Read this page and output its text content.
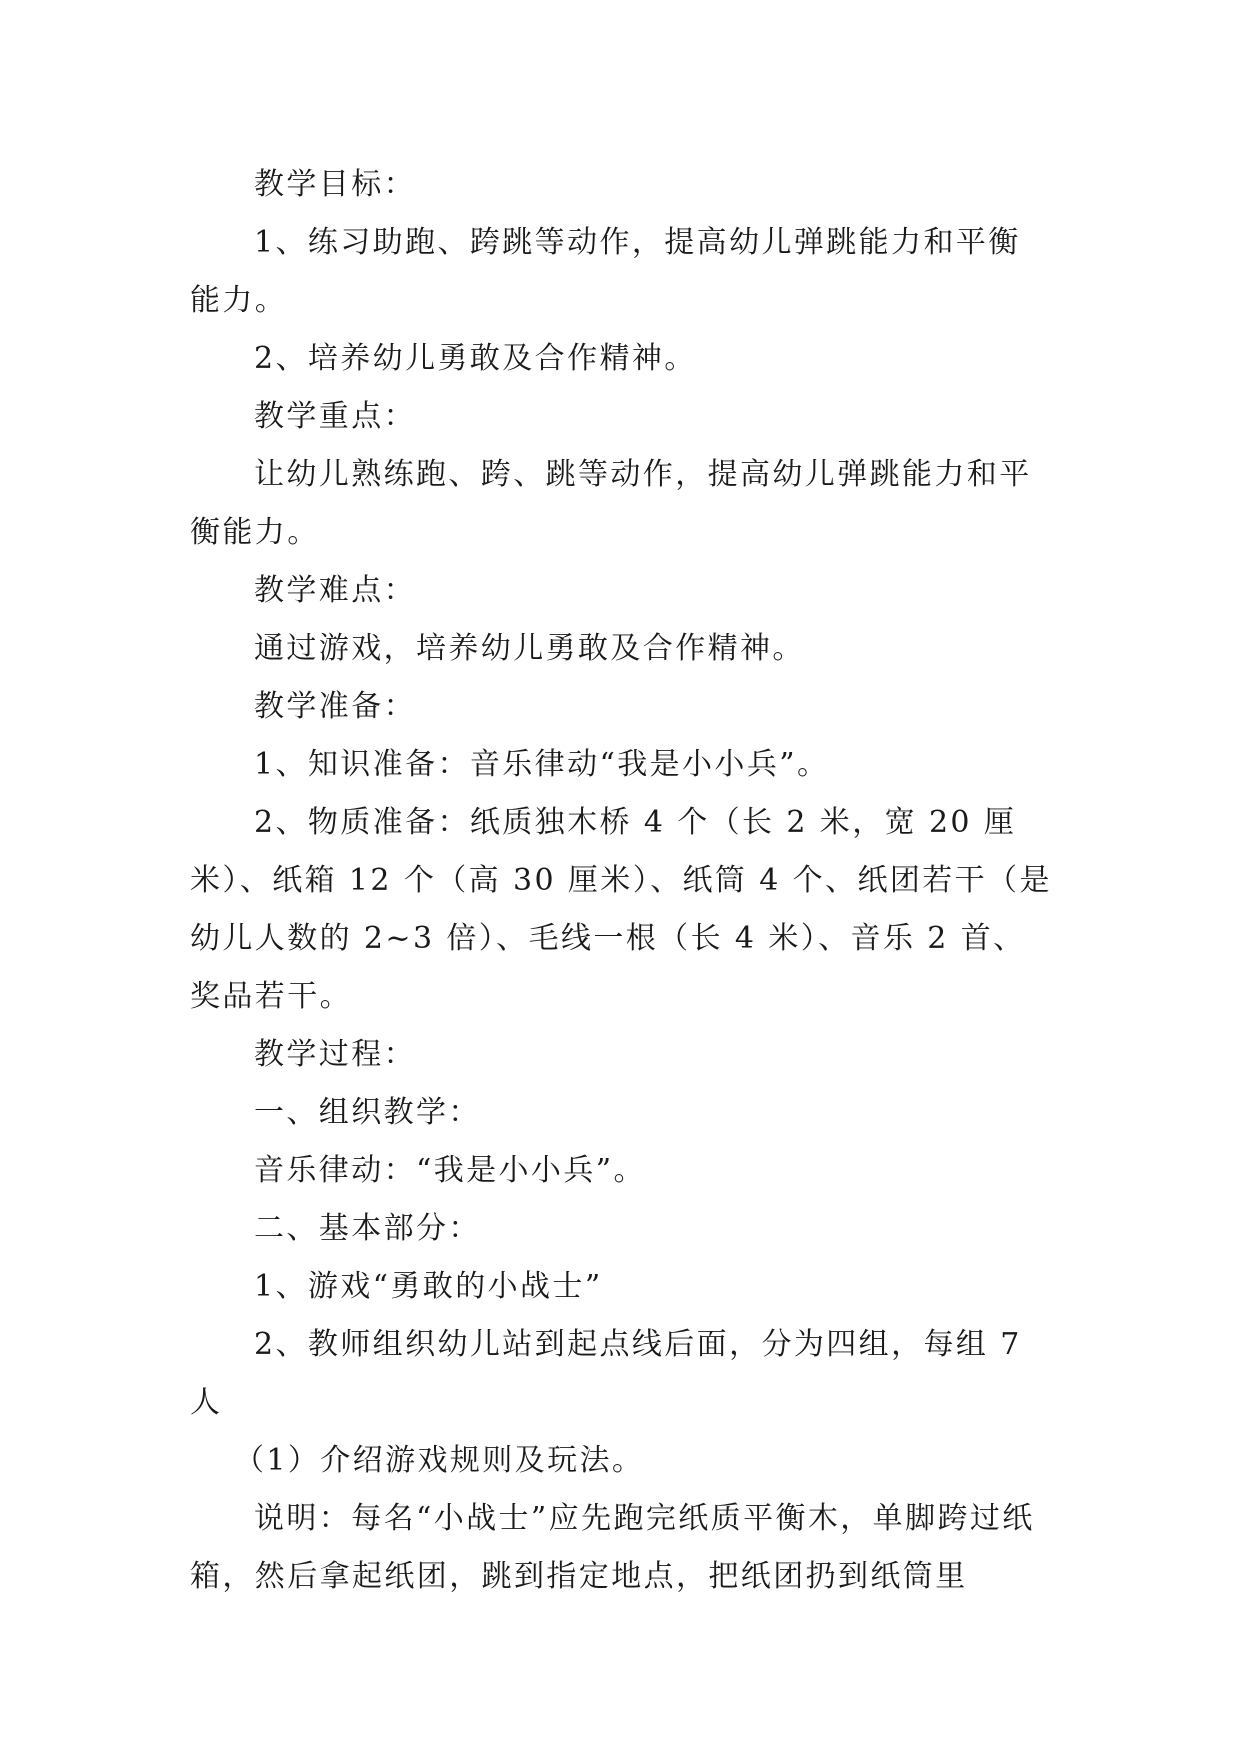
教学目标：

1、练习助跑、跨跳等动作，提高幼儿弹跳能力和平衡能力。

2、培养幼儿勇敢及合作精神。

教学重点：

让幼儿熟练跑、跨、跳等动作，提高幼儿弹跳能力和平衡能力。

教学难点：

通过游戏，培养幼儿勇敢及合作精神。

教学准备：

1、知识准备：音乐律动“我是小小兵”。

2、物质准备：纸质独木桥 4 个（长 2 米，宽 20 厘米）、纸箱 12 个（高 30 厘米）、纸筒 4 个、纸团若干（是幼儿人数的 2~3 倍）、毛线一根（长 4 米）、音乐 2 首、奖品若干。

教学过程：

一、组织教学：

音乐律动：“我是小小兵”。

二、基本部分：

1、游戏“勇敢的小战士”

2、教师组织幼儿站到起点线后面，分为四组，每组 7 人

（1）介绍游戏规则及玩法。

说明：每名“小战士”应先跑完纸质平衡木，单脚跨过纸箱，然后拿起纸团，跳到指定地点，把纸团扔到纸筒里
